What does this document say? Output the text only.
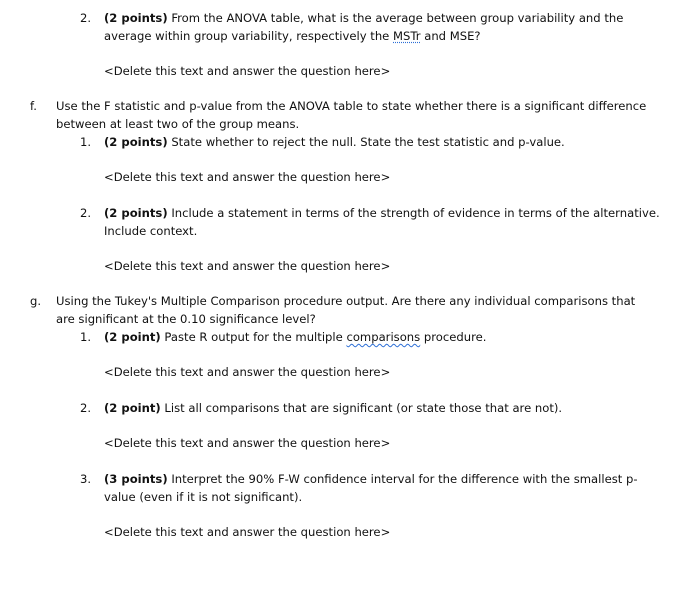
2.	(2 points) From the ANOVA table, what is the average between group variability and the
average within group variability, respectively the MSTr and MSE?
<Delete this text and answer the question here>
f. Use the F statistic and p-value from the ANOVA table to state whether there is a significant difference
between at least two of the group means.
1.	(2 points) State whether to reject the null. State the test statistic and p-value.
<Delete this text and answer the question here>
2.	(2 points) Include a statement in terms of the strength of evidence in terms of the alternative.
Include context.
<Delete this text and answer the question here>
g. Using the Tukey's Multiple Comparison procedure output. Are there any individual comparisons that
are significant at the 0.10 significance level?
1.	(2 point) Paste R output for the multiple comparisons procedure.
<Delete this text and answer the question here>
2.	(2 point) List all comparisons that are significant (or state those that are not).
<Delete this text and answer the question here>
3.	(3 points) Interpret the 90% F-W confidence interval for the difference with the smallest p-
value (even if it is not significant).
<Delete this text and answer the question here>
